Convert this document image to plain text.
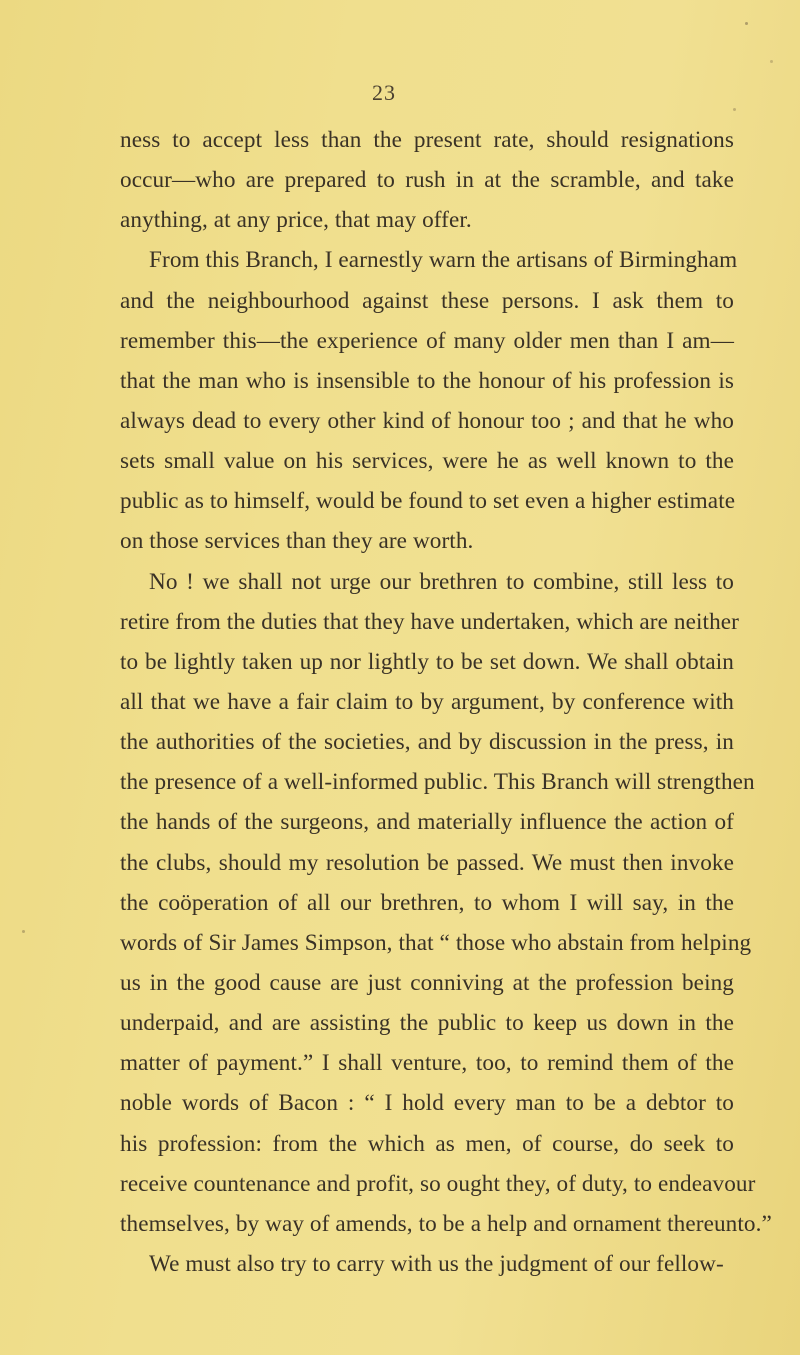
23
ness to accept less than the present rate, should resignations
occur—who are prepared to rush in at the scramble, and take
anything, at any price, that may offer.
From this Branch, I earnestly warn the artisans of Birmingham
and the neighbourhood against these persons. I ask them to
remember this—the experience of many older men than I am—
that the man who is insensible to the honour of his profession is
always dead to every other kind of honour too ; and that he who
sets small value on his services, were he as well known to the
public as to himself, would be found to set even a higher estimate
on those services than they are worth.
No ! we shall not urge our brethren to combine, still less to
retire from the duties that they have undertaken, which are neither
to be lightly taken up nor lightly to be set down. We shall obtain
all that we have a fair claim to by argument, by conference with
the authorities of the societies, and by discussion in the press, in
the presence of a well-informed public. This Branch will strengthen
the hands of the surgeons, and materially influence the action of
the clubs, should my resolution be passed. We must then invoke
the coöperation of all our brethren, to whom I will say, in the
words of Sir James Simpson, that “ those who abstain from helping
us in the good cause are just conniving at the profession being
underpaid, and are assisting the public to keep us down in the
matter of payment.” I shall venture, too, to remind them of the
noble words of Bacon : “ I hold every man to be a debtor to
his profession: from the which as men, of course, do seek to
receive countenance and profit, so ought they, of duty, to endeavour
themselves, by way of amends, to be a help and ornament thereunto.”
We must also try to carry with us the judgment of our fellow-
